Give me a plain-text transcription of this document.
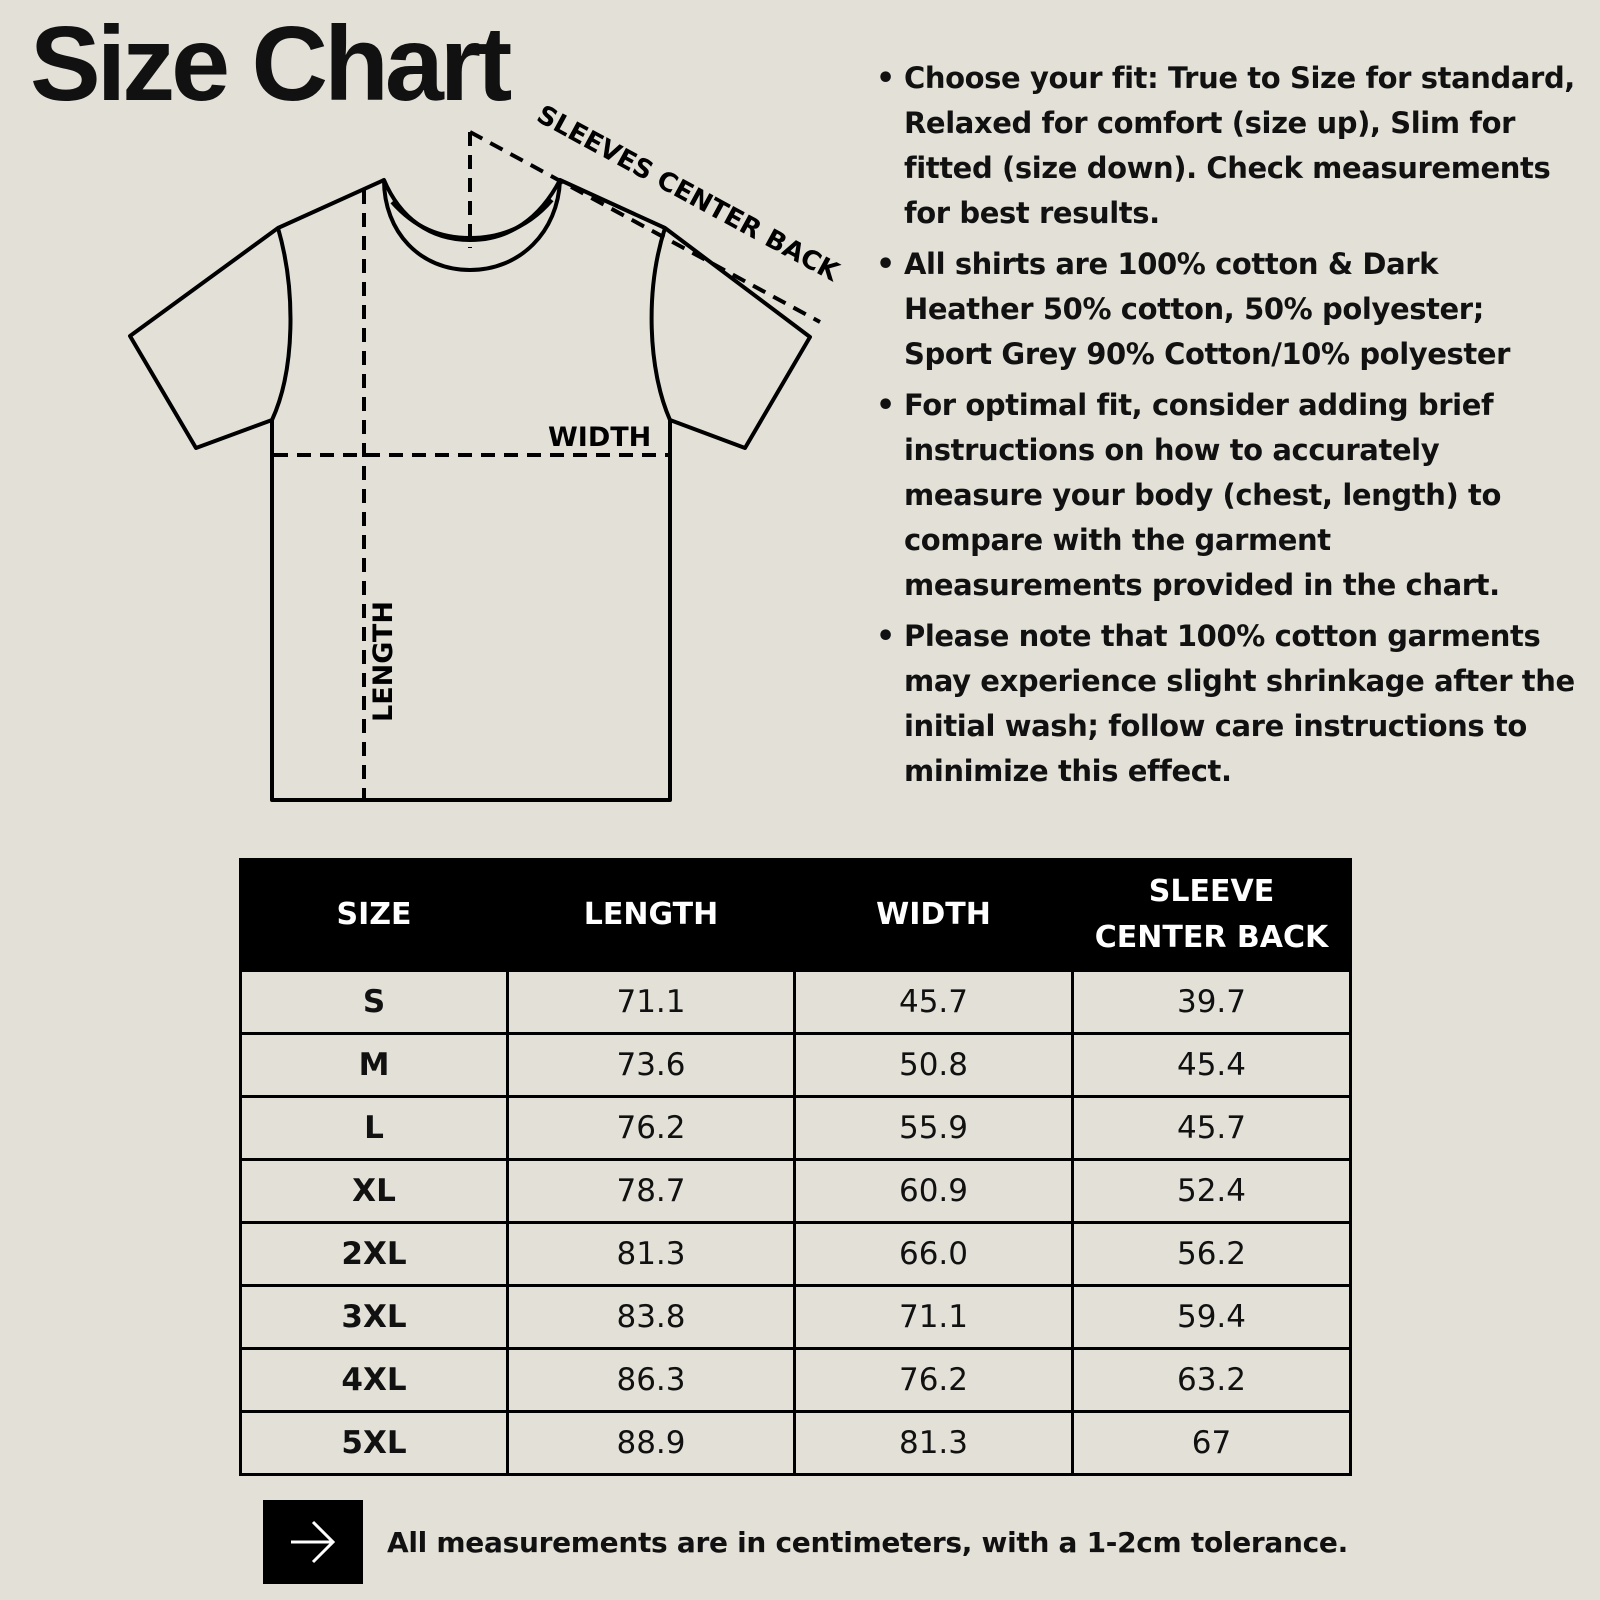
Size Chart
SLEEVES CENTER BACK
WIDTH
LENGTH
• Choose your fit: True to Size for standard, Relaxed for comfort (size up), Slim for fitted (size down). Check measurements for best results.
• All shirts are 100% cotton & Dark Heather 50% cotton, 50% polyester; Sport Grey 90% Cotton/10% polyester
• For optimal fit, consider adding brief instructions on how to accurately measure your body (chest, length) to compare with the garment measurements provided in the chart.
• Please note that 100% cotton garments may experience slight shrinkage after the initial wash; follow care instructions to minimize this effect.
SIZE	LENGTH	WIDTH	SLEEVE CENTER BACK
S	71.1	45.7	39.7
M	73.6	50.8	45.4
L	76.2	55.9	45.7
XL	78.7	60.9	52.4
2XL	81.3	66.0	56.2
3XL	83.8	71.1	59.4
4XL	86.3	76.2	63.2
5XL	88.9	81.3	67
All measurements are in centimeters, with a 1-2cm tolerance.
